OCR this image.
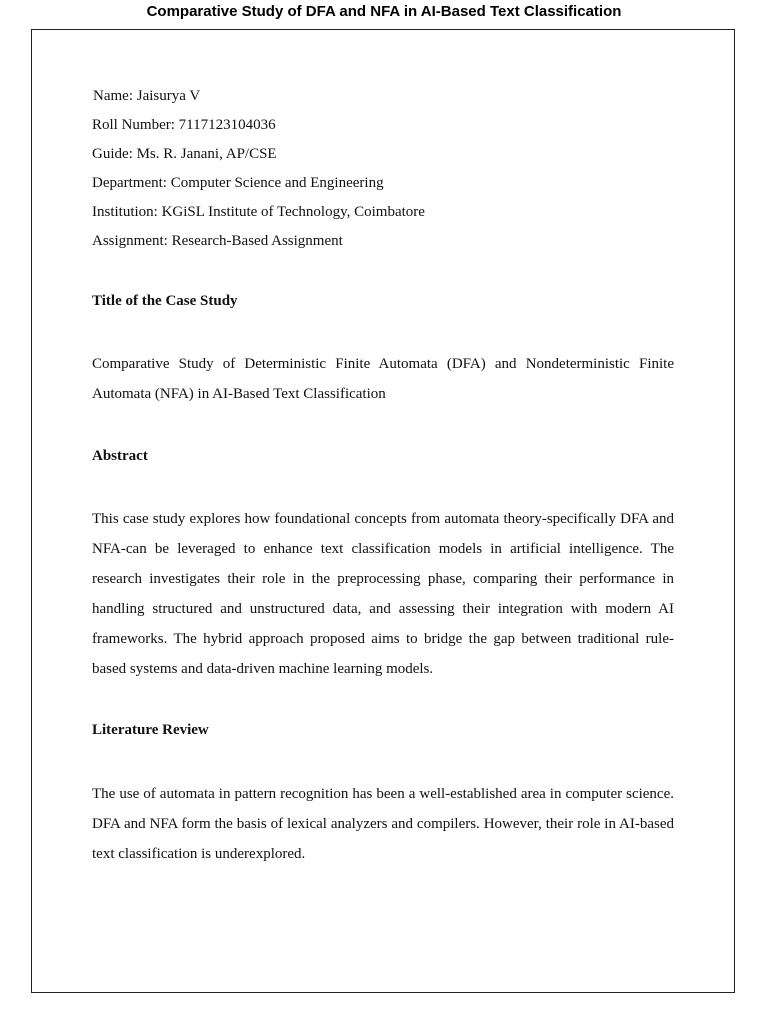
Comparative Study of DFA and NFA in AI-Based Text Classification
Name: Jaisurya V
Roll Number: 7117123104036
Guide: Ms. R. Janani, AP/CSE
Department: Computer Science and Engineering
Institution: KGiSL Institute of Technology, Coimbatore
Assignment: Research-Based Assignment
Title of the Case Study
Comparative Study of Deterministic Finite Automata (DFA) and Nondeterministic Finite Automata (NFA) in AI-Based Text Classification
Abstract
This case study explores how foundational concepts from automata theory-specifically DFA and NFA-can be leveraged to enhance text classification models in artificial intelligence. The research investigates their role in the preprocessing phase, comparing their performance in handling structured and unstructured data, and assessing their integration with modern AI frameworks. The hybrid approach proposed aims to bridge the gap between traditional rule-based systems and data-driven machine learning models.
Literature Review
The use of automata in pattern recognition has been a well-established area in computer science. DFA and NFA form the basis of lexical analyzers and compilers. However, their role in AI-based text classification is underexplored.
